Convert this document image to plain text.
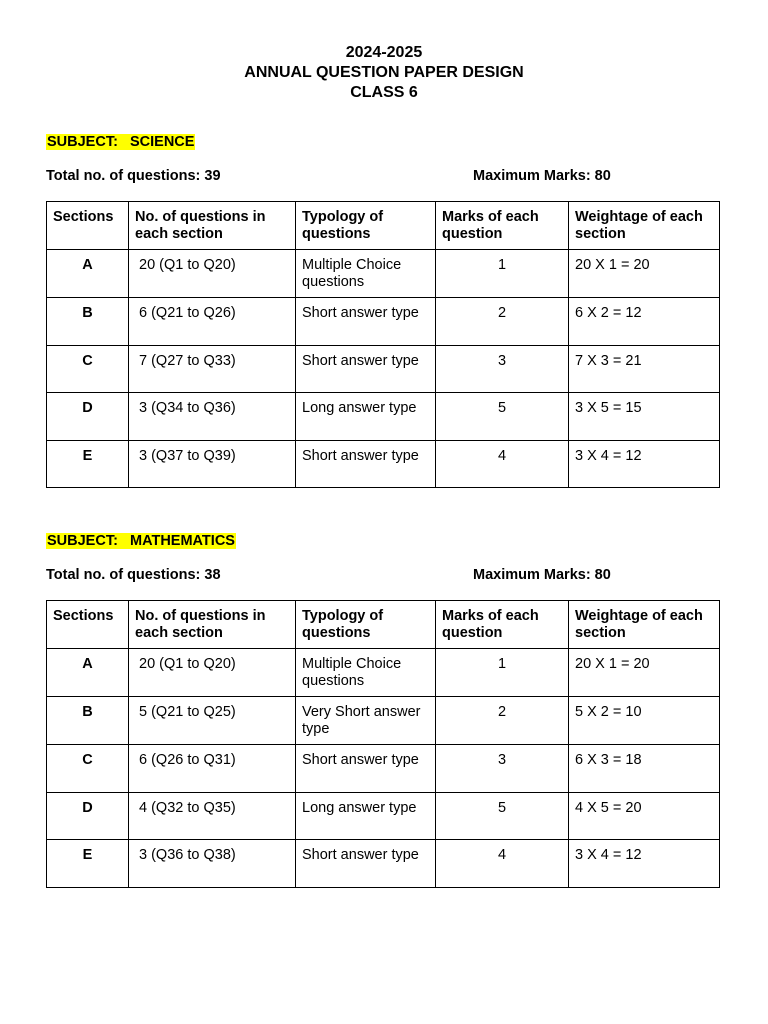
2024-2025
ANNUAL QUESTION PAPER DESIGN
CLASS 6
SUBJECT:   SCIENCE
Total no. of questions: 39	Maximum Marks: 80
Sections	No. of questions in each section	Typology of questions	Marks of each question	Weightage of each section
A	20 (Q1 to Q20)	Multiple Choice questions	1	20 X 1 = 20
B	6 (Q21 to Q26)	Short answer type	2	6 X 2 = 12
C	7 (Q27 to Q33)	Short answer type	3	7 X 3 = 21
D	3 (Q34 to Q36)	Long answer type	5	3 X 5 = 15
E	3 (Q37 to Q39)	Short answer type	4	3 X 4 = 12
SUBJECT:   MATHEMATICS
Total no. of questions: 38	Maximum Marks: 80
Sections	No. of questions in each section	Typology of questions	Marks of each question	Weightage of each section
A	20 (Q1 to Q20)	Multiple Choice questions	1	20 X 1 = 20
B	5 (Q21 to Q25)	Very Short answer type	2	5 X 2 = 10
C	6 (Q26 to Q31)	Short answer type	3	6 X 3 = 18
D	4 (Q32 to Q35)	Long answer type	5	4 X 5 = 20
E	3 (Q36 to Q38)	Short answer type	4	3 X 4 = 12
